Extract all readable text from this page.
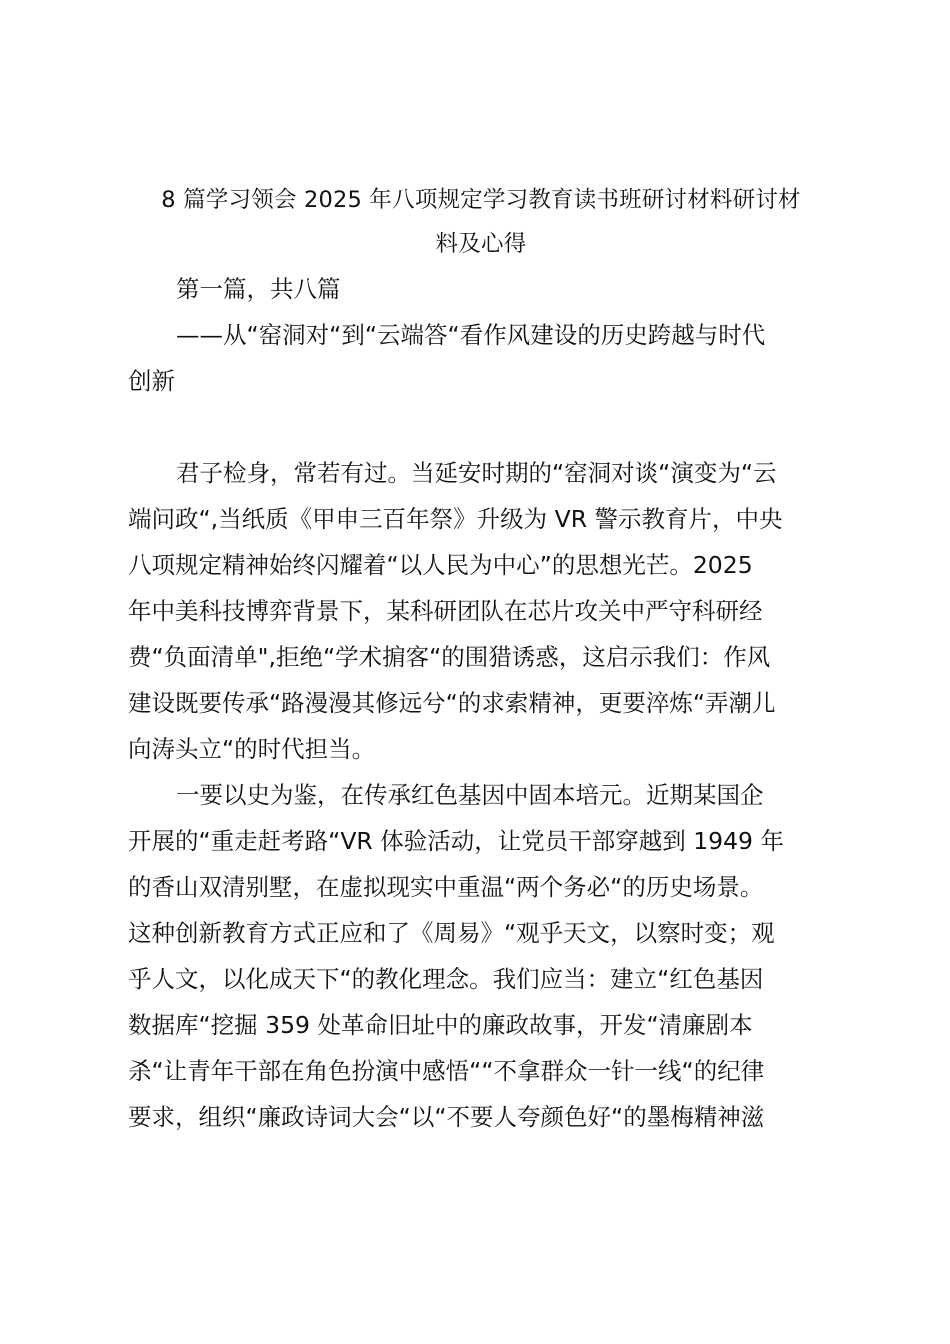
8 篇学习领会 2025 年八项规定学习教育读书班研讨材料研讨材
料及心得

第一篇，共八篇

——从“窑洞对“到“云端答“看作风建设的历史跨越与时代
创新
君子检身，常若有过。当延安时期的“窑洞对谈“演变为“云
端问政“,当纸质《甲申三百年祭》升级为 VR 警示教育片，中央
八项规定精神始终闪耀着“以人民为中心”的思想光芒。2025
年中美科技博弈背景下，某科研团队在芯片攻关中严守科研经
费“负面清单",拒绝“学术掮客“的围猎诱惑，这启示我们：作风
建设既要传承“路漫漫其修远兮“的求索精神，更要淬炼“弄潮儿
向涛头立“的时代担当。
一要以史为鉴，在传承红色基因中固本培元。近期某国企
开展的“重走赶考路“VR 体验活动，让党员干部穿越到 1949 年
的香山双清别墅，在虚拟现实中重温“两个务必“的历史场景。
这种创新教育方式正应和了《周易》“观乎天文，以察时变；观
乎人文，以化成天下“的教化理念。我们应当：建立“红色基因
数据库“挖掘 359 处革命旧址中的廉政故事，开发“清廉剧本
杀“让青年干部在角色扮演中感悟““不拿群众一针一线“的纪律
要求，组织“廉政诗词大会“以“不要人夸颜色好“的墨梅精神滋
